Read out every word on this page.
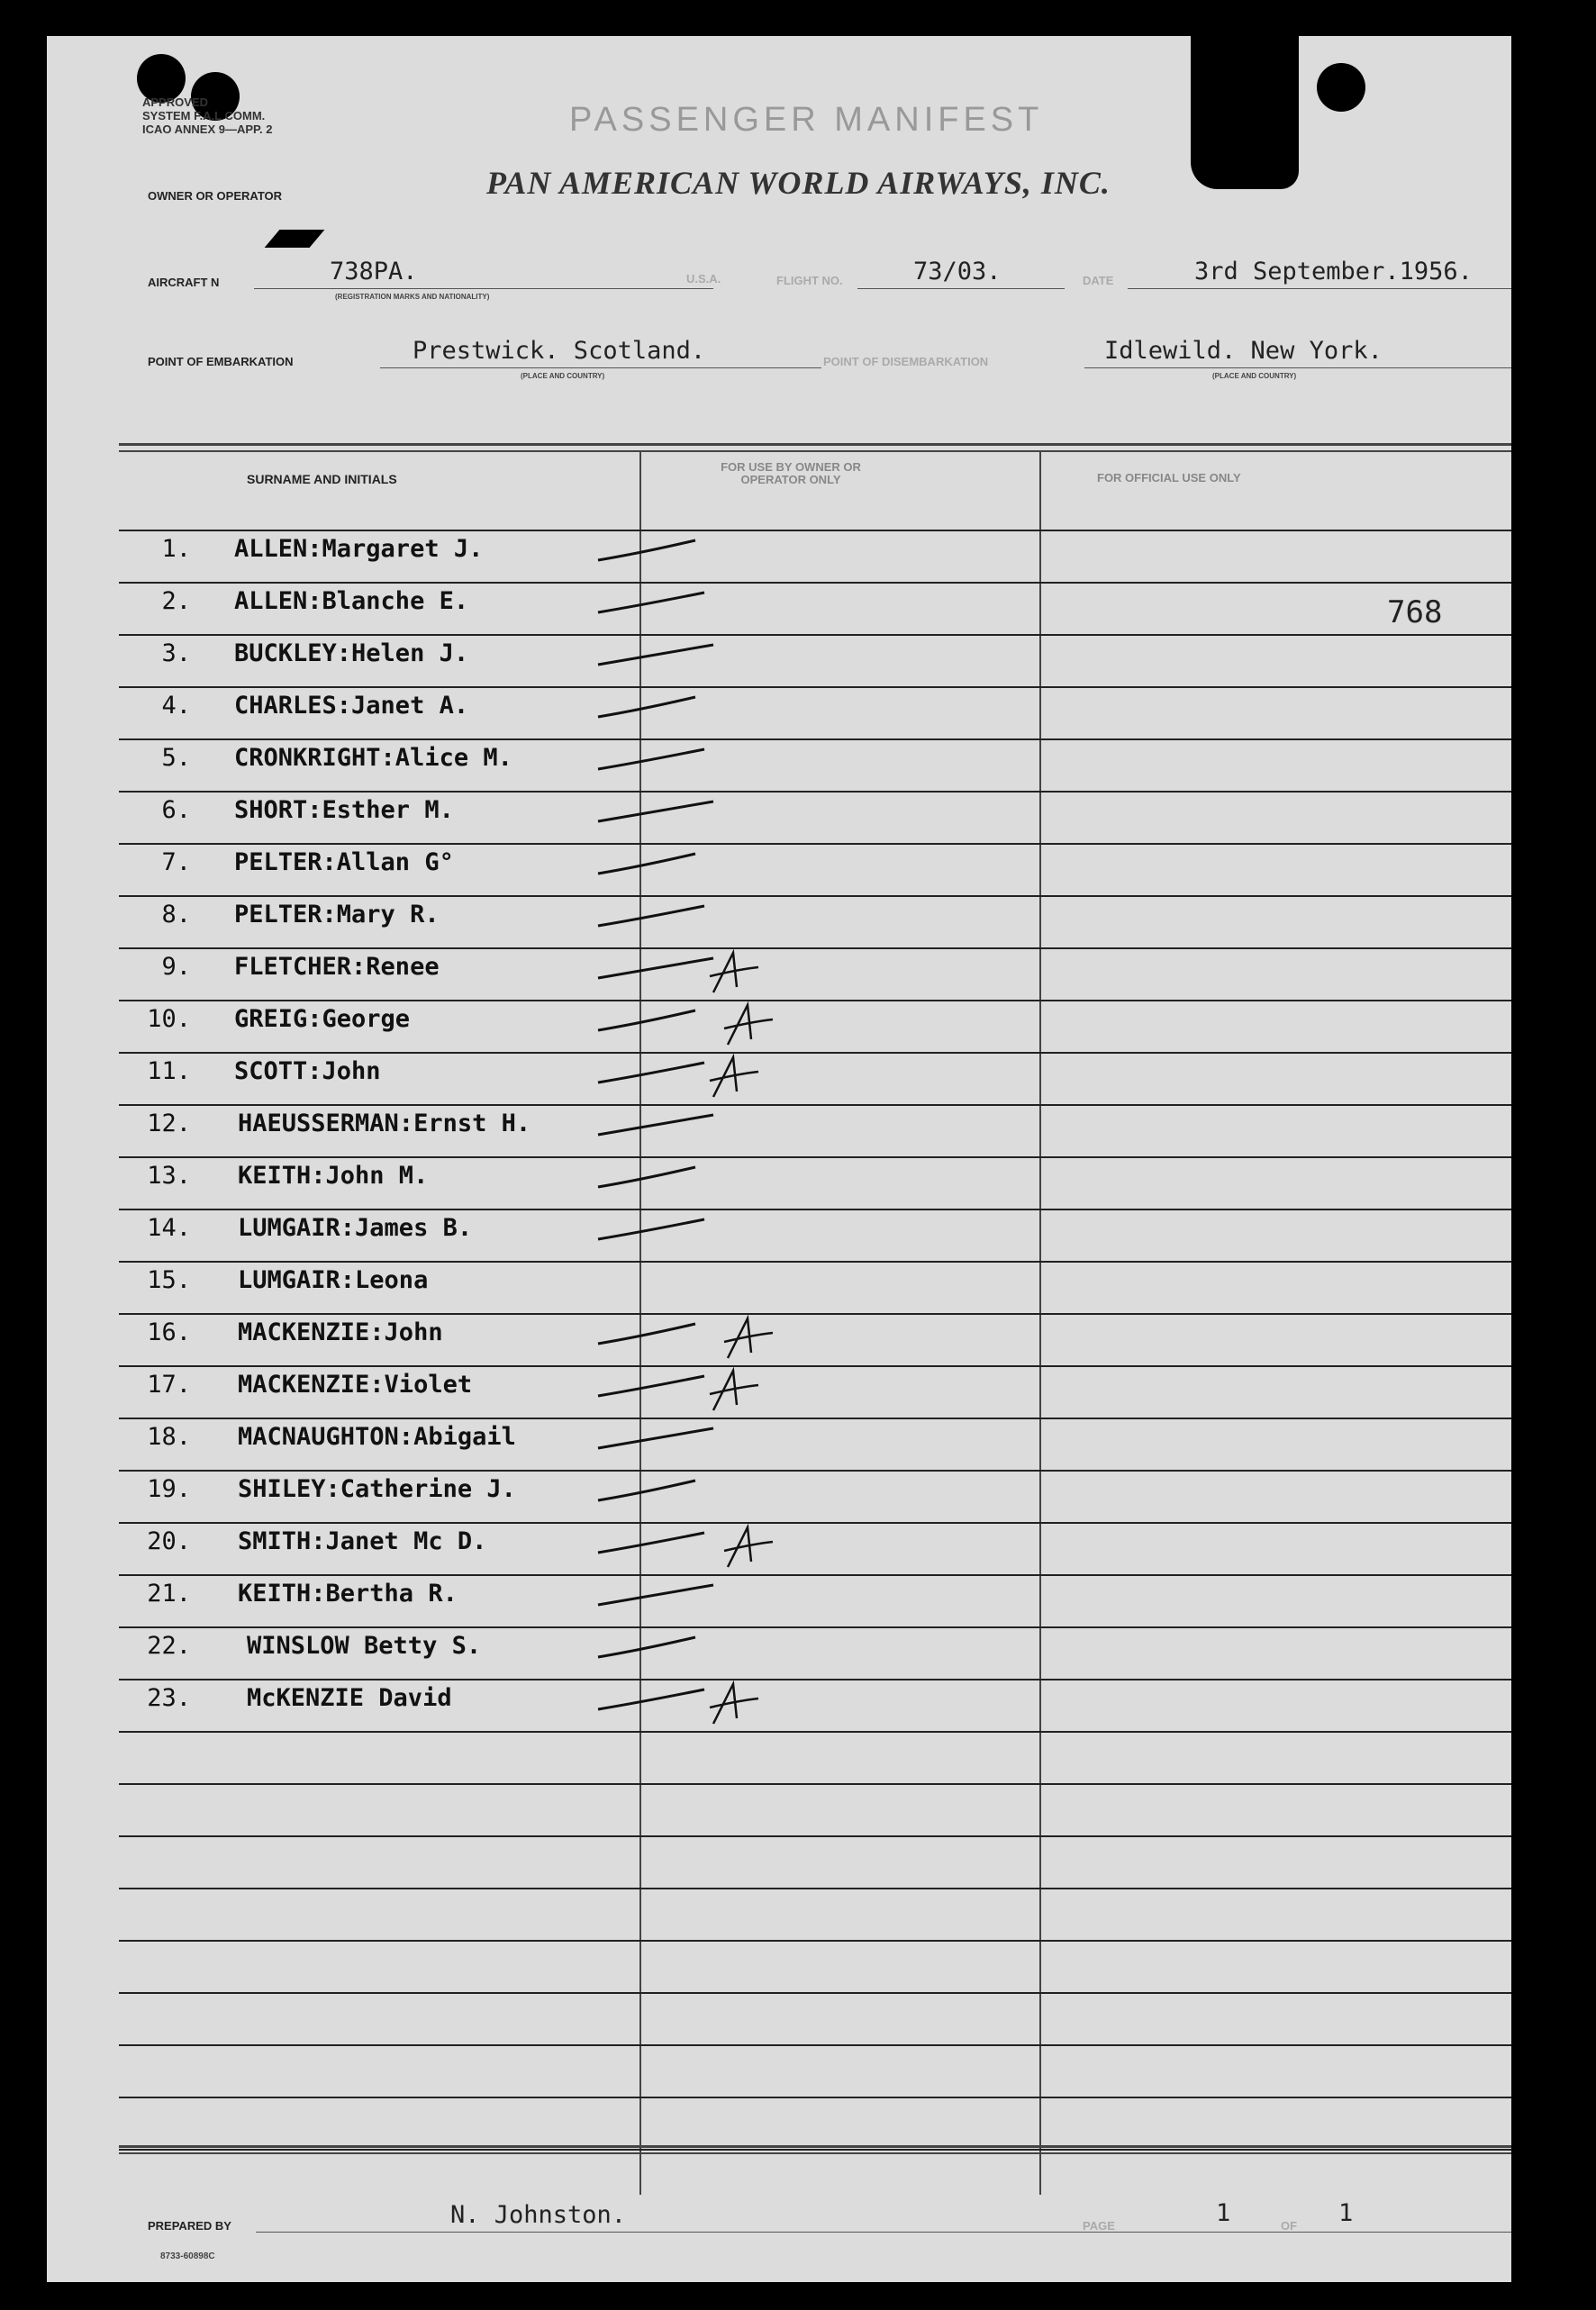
APPROVED
SYSTEM F.A.L COMM.
ICAO ANNEX 9—APP. 2	PASSENGER MANIFEST
OWNER OR OPERATOR	PAN AMERICAN WORLD AIRWAYS, INC.
AIRCRAFT N	738PA.
(REGISTRATION MARKS AND NATIONALITY)
U.S.A.	FLIGHT NO.	73/03.	DATE	3rd September.1956.
POINT OF EMBARKATION	Prestwick. Scotland.
(PLACE AND COUNTRY)
POINT OF DISEMBARKATION	Idlewild. New York.
(PLACE AND COUNTRY)
SURNAME AND INITIALS
FOR USE BY OWNER OR OPERATOR ONLY	FOR OFFICIAL USE ONLY
1. ALLEN:Margaret J.
2. ALLEN:Blanche E.
3. BUCKLEY:Helen J.
4. CHARLES:Janet A.
5. CRONKRIGHT:Alice M.
6. SHORT:Esther M.
7. PELTER:Allan G°
8. PELTER:Mary R.
9. FLETCHER:Renee
10. GREIG:George
11. SCOTT:John
12. HAEUSSERMAN:Ernst H.
13. KEITH:John M.
14. LUMGAIR:James B.
15. LUMGAIR:Leona
16. MACKENZIE:John
17. MACKENZIE:Violet
18. MACNAUGHTON:Abigail
19. SHILEY:Catherine J.
20. SMITH:Janet Mc D.
21. KEITH:Bertha R.
22. WINSLOW Betty S.
23. McKENZIE David
768
PREPARED BY	N. Johnston.	PAGE	1	OF 1
8733-60898C
